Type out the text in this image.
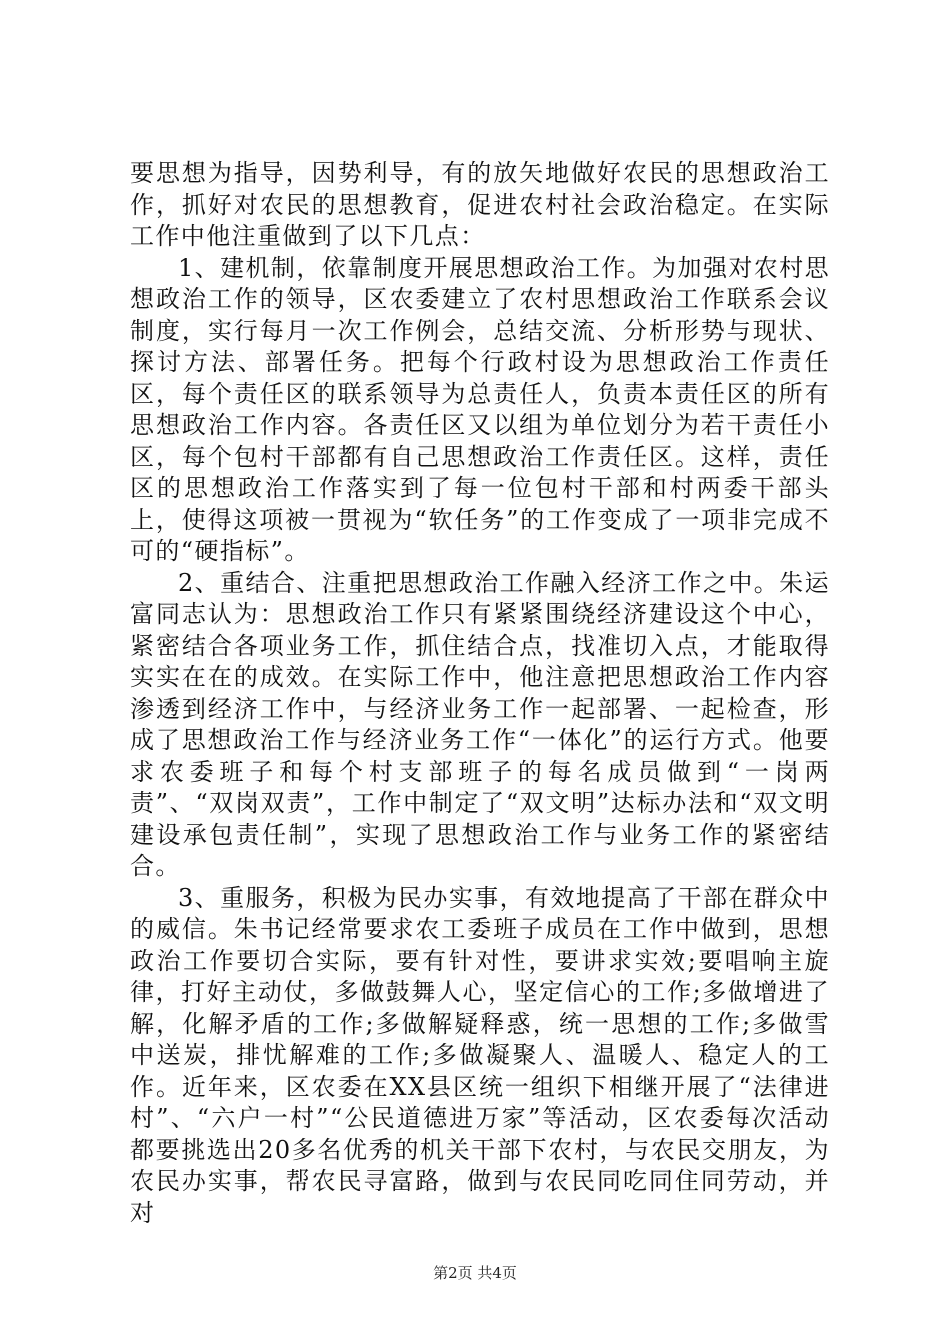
要思想为指导，因势利导，有的放矢地做好农民的思想政治工作，抓好对农民的思想教育，促进农村社会政治稳定。在实际工作中他注重做到了以下几点：

1、建机制，依靠制度开展思想政治工作。为加强对农村思想政治工作的领导，区农委建立了农村思想政治工作联系会议制度，实行每月一次工作例会，总结交流、分析形势与现状、探讨方法、部署任务。把每个行政村设为思想政治工作责任区，每个责任区的联系领导为总责任人，负责本责任区的所有思想政治工作内容。各责任区又以组为单位划分为若干责任小区，每个包村干部都有自己思想政治工作责任区。这样，责任区的思想政治工作落实到了每一位包村干部和村两委干部头上，使得这项被一贯视为“软任务”的工作变成了一项非完成不可的“硬指标”。

2、重结合、注重把思想政治工作融入经济工作之中。朱运富同志认为：思想政治工作只有紧紧围绕经济建设这个中心，紧密结合各项业务工作，抓住结合点，找准切入点，才能取得实实在在的成效。在实际工作中，他注意把思想政治工作内容渗透到经济工作中，与经济业务工作一起部署、一起检查，形成了思想政治工作与经济业务工作“一体化”的运行方式。他要求农委班子和每个村支部班子的每名成员做到“一岗两责”、“双岗双责”，工作中制定了“双文明”达标办法和“双文明建设承包责任制”，实现了思想政治工作与业务工作的紧密结合。

3、重服务，积极为民办实事，有效地提高了干部在群众中的威信。朱书记经常要求农工委班子成员在工作中做到，思想政治工作要切合实际，要有针对性，要讲求实效;要唱响主旋律，打好主动仗，多做鼓舞人心，坚定信心的工作;多做增进了解，化解矛盾的工作;多做解疑释惑，统一思想的工作;多做雪中送炭，排忧解难的工作;多做凝聚人、温暖人、稳定人的工作。近年来，区农委在XX县区统一组织下相继开展了“法律进村”、“六户一村”“公民道德进万家”等活动，区农委每次活动都要挑选出20多名优秀的机关干部下农村，与农民交朋友，为农民办实事，帮农民寻富路，做到与农民同吃同住同劳动，并对

第2页 共4页
